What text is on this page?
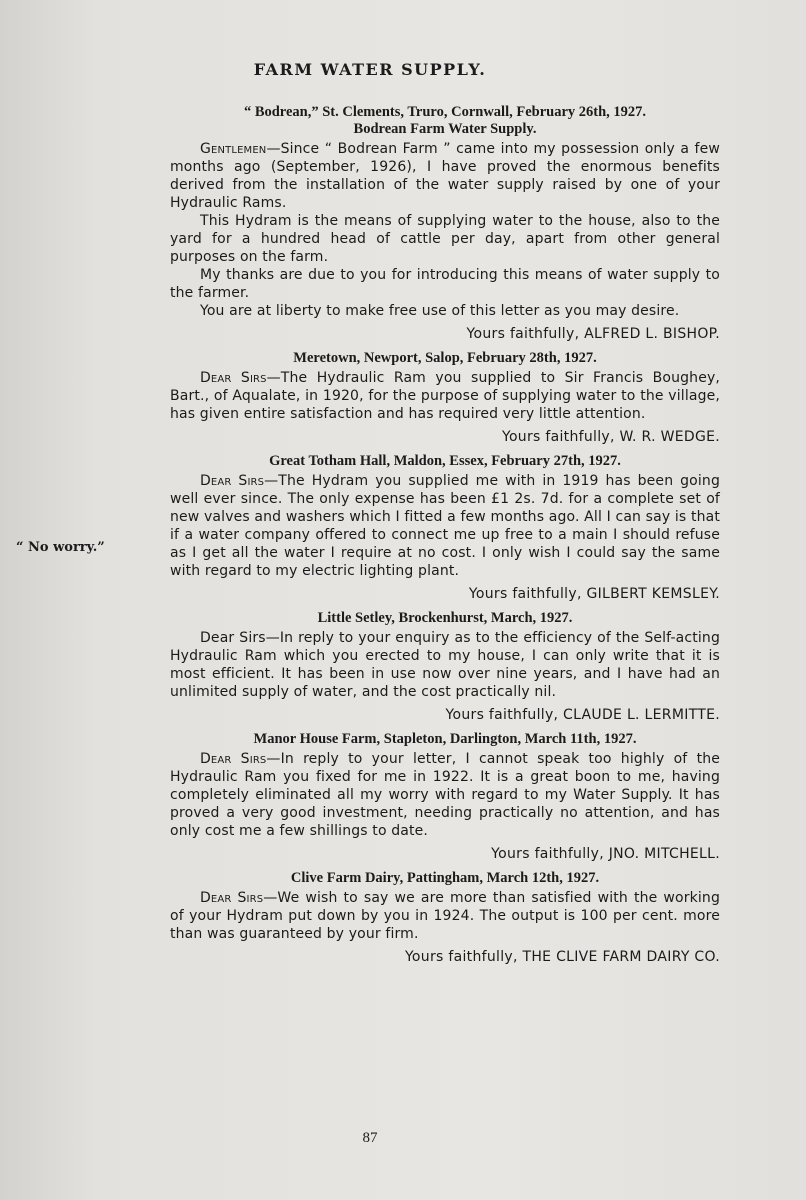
FARM WATER SUPPLY.
“ No worry.”
“ Bodrean,” St. Clements, Truro, Cornwall, February 26th, 1927.
Bodrean Farm Water Supply.

Gentlemen—Since “ Bodrean Farm ” came into my possession only a few months ago (September, 1926), I have proved the enormous benefits derived from the installation of the water supply raised by one of your Hydraulic Rams.

This Hydram is the means of supplying water to the house, also to the yard for a hundred head of cattle per day, apart from other general purposes on the farm.

My thanks are due to you for introducing this means of water supply to the farmer.

You are at liberty to make free use of this letter as you may desire.

Yours faithfully, ALFRED L. BISHOP.
Meretown, Newport, Salop, February 28th, 1927.

Dear Sirs—The Hydraulic Ram you supplied to Sir Francis Boughey, Bart., of Aqualate, in 1920, for the purpose of supplying water to the village, has given entire satisfaction and has required very little attention.

Yours faithfully, W. R. WEDGE.
Great Totham Hall, Maldon, Essex, February 27th, 1927.

Dear Sirs—The Hydram you supplied me with in 1919 has been going well ever since. The only expense has been £1 2s. 7d. for a complete set of new valves and washers which I fitted a few months ago. All I can say is that if a water company offered to connect me up free to a main I should refuse as I get all the water I require at no cost. I only wish I could say the same with regard to my electric lighting plant.

Yours faithfully, GILBERT KEMSLEY.
Little Setley, Brockenhurst, March, 1927.

Dear Sirs—In reply to your enquiry as to the efficiency of the Self-acting Hydraulic Ram which you erected to my house, I can only write that it is most efficient. It has been in use now over nine years, and I have had an unlimited supply of water, and the cost practically nil.

Yours faithfully, CLAUDE L. LERMITTE.
Manor House Farm, Stapleton, Darlington, March 11th, 1927.

Dear Sirs—In reply to your letter, I cannot speak too highly of the Hydraulic Ram you fixed for me in 1922. It is a great boon to me, having completely eliminated all my worry with regard to my Water Supply. It has proved a very good investment, needing practically no attention, and has only cost me a few shillings to date.

Yours faithfully, JNO. MITCHELL.
Clive Farm Dairy, Pattingham, March 12th, 1927.

Dear Sirs—We wish to say we are more than satisfied with the working of your Hydram put down by you in 1924. The output is 100 per cent. more than was guaranteed by your firm.

Yours faithfully, THE CLIVE FARM DAIRY CO.
87
